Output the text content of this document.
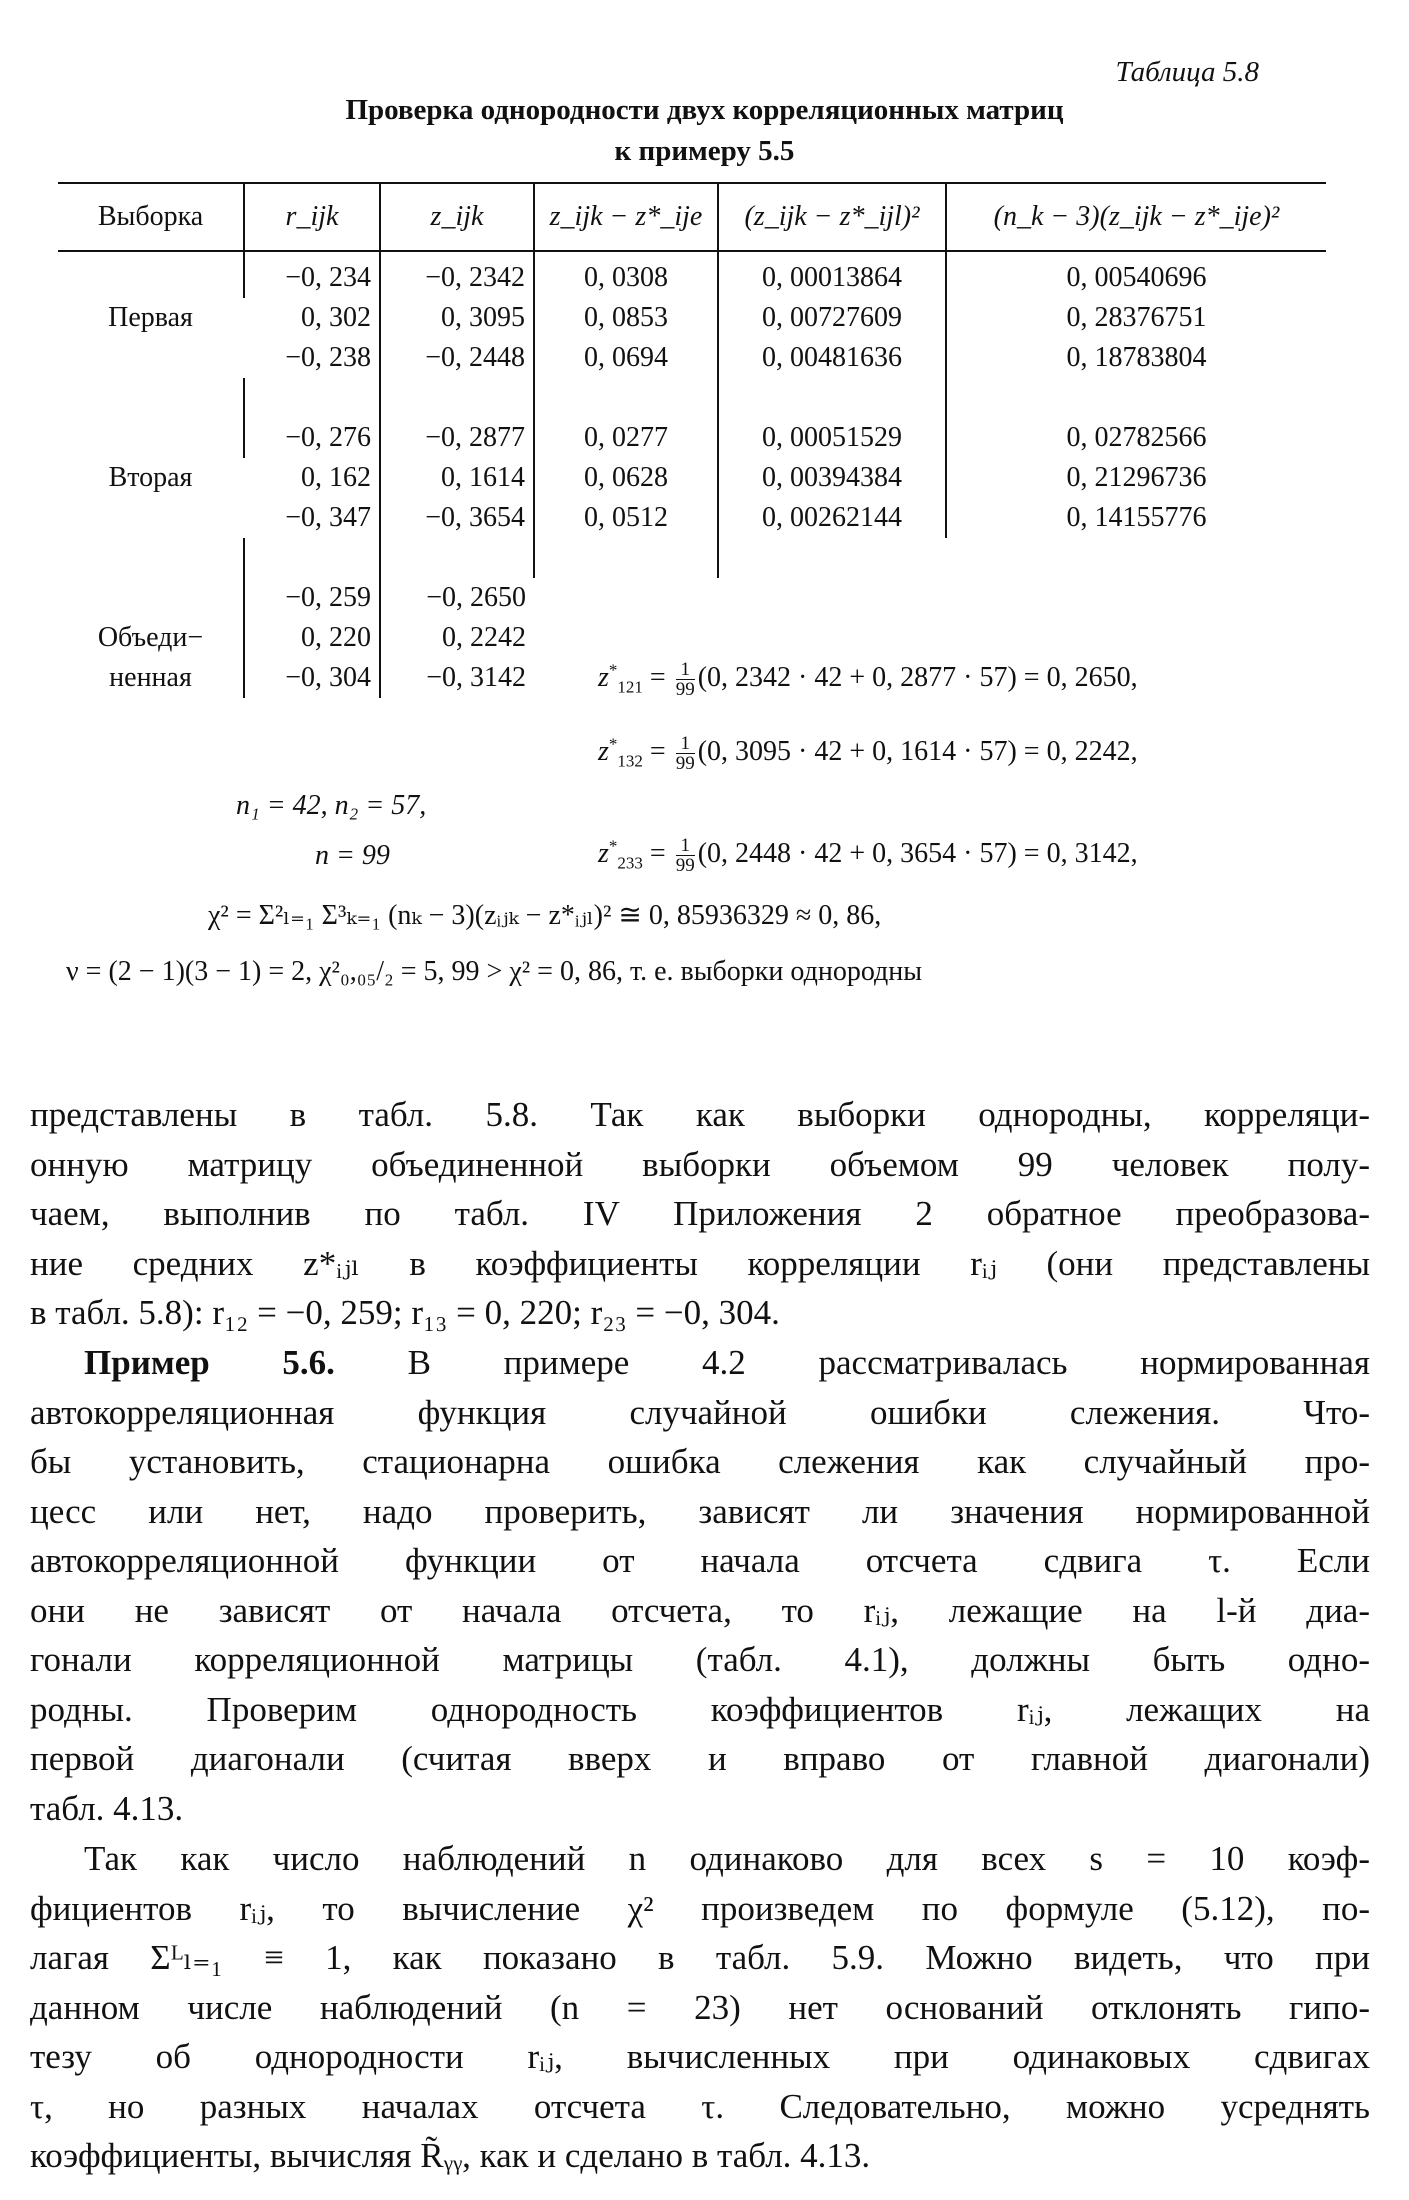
Таблица 5.8
Проверка однородности двух корреляционных матриц
к примеру 5.5
Выборка	r_ijk	z_ijk	z_ijk − z*_ije	(z_ijk − z*_ijl)²	(n_k − 3)(z_ijk − z*_ije)²

Первая	−0, 234	−0, 2342	0, 0308	0, 00013864	0, 00540696
	0, 302	0, 3095	0, 0853	0, 00727609	0, 28376751
	−0, 238	−0, 2448	0, 0694	0, 00481636	0, 18783804

Вторая	−0, 276	−0, 2877	0, 0277	0, 00051529	0, 02782566
	0, 162	0, 1614	0, 0628	0, 00394384	0, 21296736
	−0, 347	−0, 3654	0, 0512	0, 00262144	0, 14155776

	−0, 259	−0, 2650			
Объеди−	0, 220	0, 2242			
ненная	−0, 304	−0, 3142				$z^*_{121} = \frac{1}{99} (0$, 2342 · 42 + 0, 2877 · 57) = 0, 2650,
$z^*_{132} = \frac{1}{99} (0$, 3095 · 42 + 0, 1614 · 57) = 0, 2242,
n₁ = 42, n₂ = 57,
n = 99	$z^*_{233} = \frac{1}{99} (0$, 2448 · 42 + 0, 3654 · 57) = 0, 3142,
χ² = Σ²ₗ₌₁ Σ³ₖ₌₁ (nₖ − 3)(zᵢⱼₖ − z*ᵢⱼₗ)² ≅ 0, 85936329 ≈ 0, 86,
ν = (2 − 1)(3 − 1) = 2, χ²₀,₀₅/₂ = 5, 99 > χ² = 0, 86, т. е. выборки однородны
представлены в табл. 5.8. Так как выборки однородны, корреляци-
онную матрицу объединенной выборки объемом 99 человек полу-
чаем, выполнив по табл. IV Приложения 2 обратное преобразова-
ние средних z*ᵢⱼₗ в коэффициенты корреляции rᵢⱼ (они представлены
в табл. 5.8): r₁₂ = −0, 259; r₁₃ = 0, 220; r₂₃ = −0, 304.
Пример 5.6. В примере 4.2 рассматривалась нормированная
автокорреляционная функция случайной ошибки слежения. Что-
бы установить, стационарна ошибка слежения как случайный про-
цесс или нет, надо проверить, зависят ли значения нормированной
автокорреляционной функции от начала отсчета сдвига τ. Если
они не зависят от начала отсчета, то rᵢⱼ, лежащие на l-й диа-
гонали корреляционной матрицы (табл. 4.1), должны быть одно-
родны. Проверим однородность коэффициентов rᵢⱼ, лежащих на
первой диагонали (считая вверх и вправо от главной диагонали)
табл. 4.13.
Так как число наблюдений n одинаково для всех s = 10 коэф-
фициентов rᵢⱼ, то вычисление χ² произведем по формуле (5.12), по-
лагая Σᴸₗ₌₁ ≡ 1, как показано в табл. 5.9. Можно видеть, что при
данном числе наблюдений (n = 23) нет оснований отклонять гипо-
тезу об однородности rᵢⱼ, вычисленных при одинаковых сдвигах
τ, но разных началах отсчета τ. Следовательно, можно усреднять
коэффициенты, вычисляя R̃ᵧᵧ, как и сделано в табл. 4.13.
